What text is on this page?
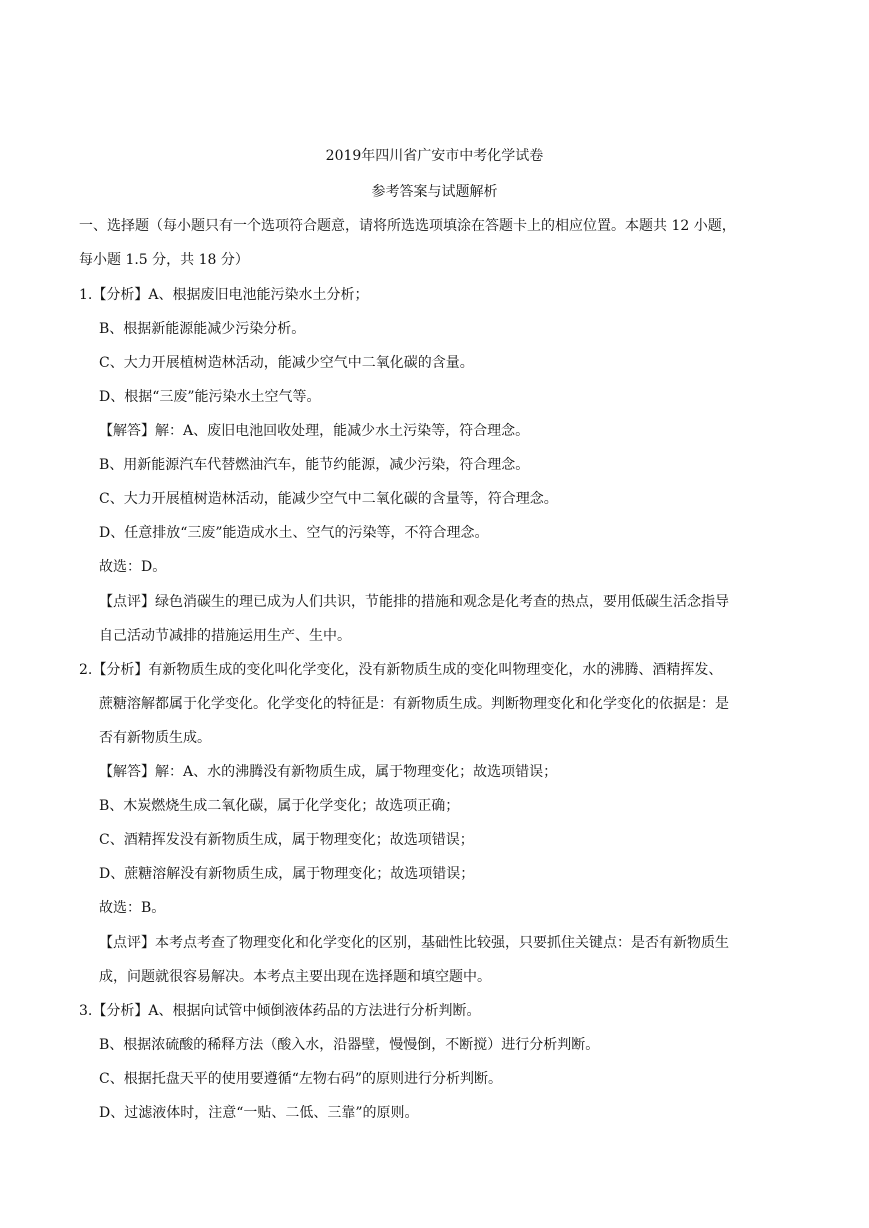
2019年四川省广安市中考化学试卷
参考答案与试题解析
一、选择题（每小题只有一个选项符合题意，请将所选选项填涂在答题卡上的相应位置。本题共 12 小题，
每小题 1.5 分，共 18 分）
1.【分析】A、根据废旧电池能污染水土分析；
B、根据新能源能减少污染分析。
C、大力开展植树造林活动，能减少空气中二氧化碳的含量。
D、根据“三废”能污染水土空气等。
【解答】解：A、废旧电池回收处理，能减少水土污染等，符合理念。
B、用新能源汽车代替燃油汽车，能节约能源，减少污染，符合理念。
C、大力开展植树造林活动，能减少空气中二氧化碳的含量等，符合理念。
D、任意排放“三废”能造成水土、空气的污染等，不符合理念。
故选：D。
【点评】绿色消碳生的理已成为人们共识，节能排的措施和观念是化考查的热点，要用低碳生活念指导
自己活动节减排的措施运用生产、生中。
2.【分析】有新物质生成的变化叫化学变化，没有新物质生成的变化叫物理变化，水的沸腾、酒精挥发、
蔗糖溶解都属于化学变化。化学变化的特征是：有新物质生成。判断物理变化和化学变化的依据是：是
否有新物质生成。
【解答】解：A、水的沸腾没有新物质生成，属于物理变化；故选项错误；
B、木炭燃烧生成二氧化碳，属于化学变化；故选项正确；
C、酒精挥发没有新物质生成，属于物理变化；故选项错误；
D、蔗糖溶解没有新物质生成，属于物理变化；故选项错误；
故选：B。
【点评】本考点考查了物理变化和化学变化的区别，基础性比较强，只要抓住关键点：是否有新物质生
成，问题就很容易解决。本考点主要出现在选择题和填空题中。
3.【分析】A、根据向试管中倾倒液体药品的方法进行分析判断。
B、根据浓硫酸的稀释方法（酸入水，沿器壁，慢慢倒，不断搅）进行分析判断。
C、根据托盘天平的使用要遵循“左物右码”的原则进行分析判断。
D、过滤液体时，注意“一贴、二低、三靠”的原则。
